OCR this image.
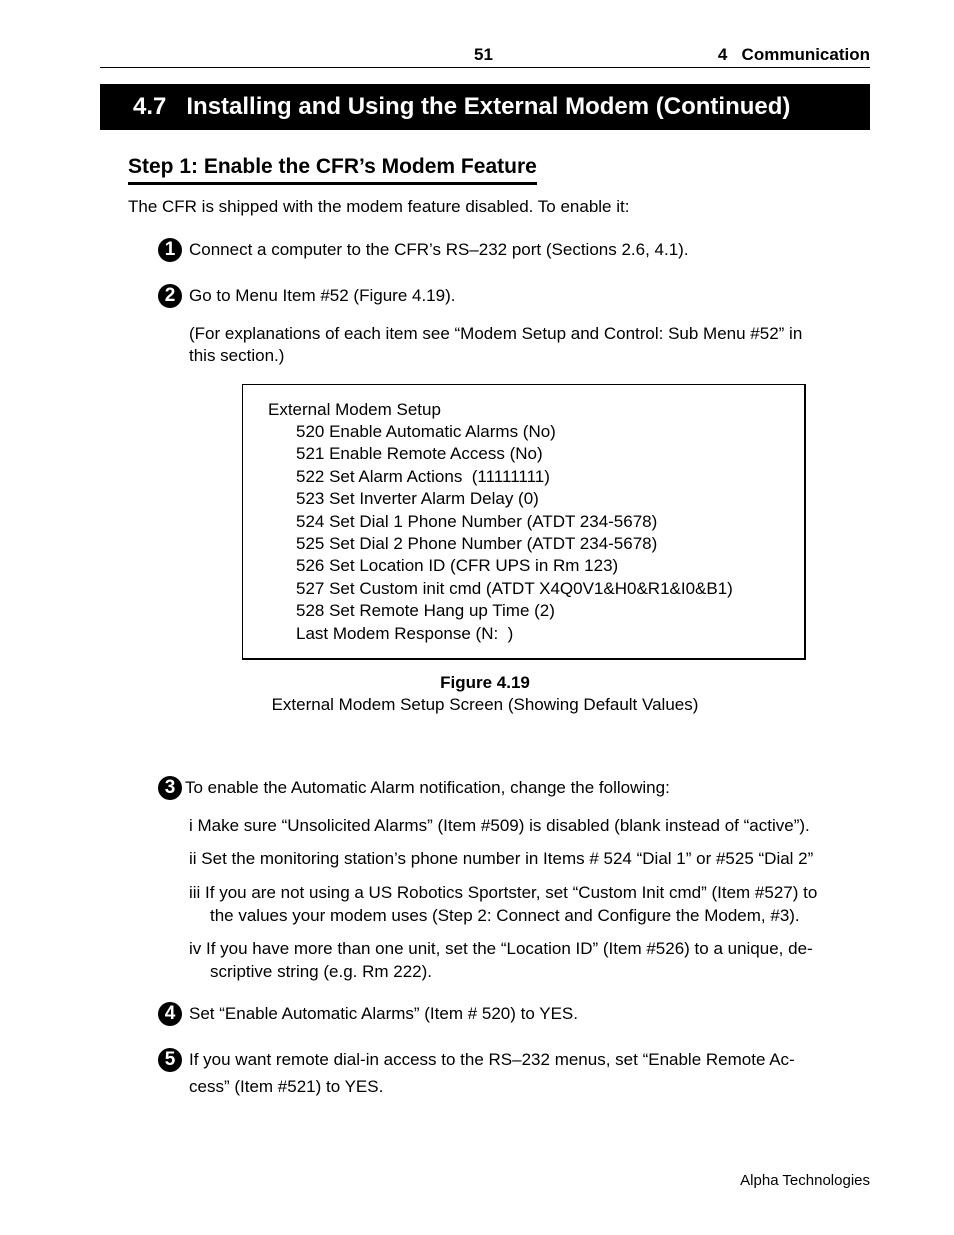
51	4   Communication
4.7   Installing and Using the External Modem (Continued)
Step 1: Enable the CFR’s Modem Feature
The CFR is shipped with the modem feature disabled. To enable it:
1 Connect a computer to the CFR’s RS–232 port (Sections 2.6, 4.1).
2 Go to Menu Item #52 (Figure 4.19).
(For explanations of each item see “Modem Setup and Control: Sub Menu #52” in
this section.)
External Modem Setup
520 Enable Automatic Alarms (No)
521 Enable Remote Access (No)
522 Set Alarm Actions  (11111111)
523 Set Inverter Alarm Delay (0)
524 Set Dial 1 Phone Number (ATDT 234-5678)
525 Set Dial 2 Phone Number (ATDT 234-5678)
526 Set Location ID (CFR UPS in Rm 123)
527 Set Custom init cmd (ATDT X4Q0V1&H0&R1&I0&B1)
528 Set Remote Hang up Time (2)
Last Modem Response (N:  )
Figure 4.19
External Modem Setup Screen (Showing Default Values)
3 To enable the Automatic Alarm notification, change the following:
i Make sure “Unsolicited Alarms” (Item #509) is disabled (blank instead of “active”).
ii Set the monitoring station’s phone number in Items # 524 “Dial 1” or #525 “Dial 2”
iii If you are not using a US Robotics Sportster, set “Custom Init cmd” (Item #527) to
the values your modem uses (Step 2: Connect and Configure the Modem, #3).
iv If you have more than one unit, set the “Location ID” (Item #526) to a unique, de-
scriptive string (e.g. Rm 222).
4 Set “Enable Automatic Alarms” (Item # 520) to YES.
5 If you want remote dial-in access to the RS–232 menus, set “Enable Remote Ac-
cess” (Item #521) to YES.
Alpha Technologies
